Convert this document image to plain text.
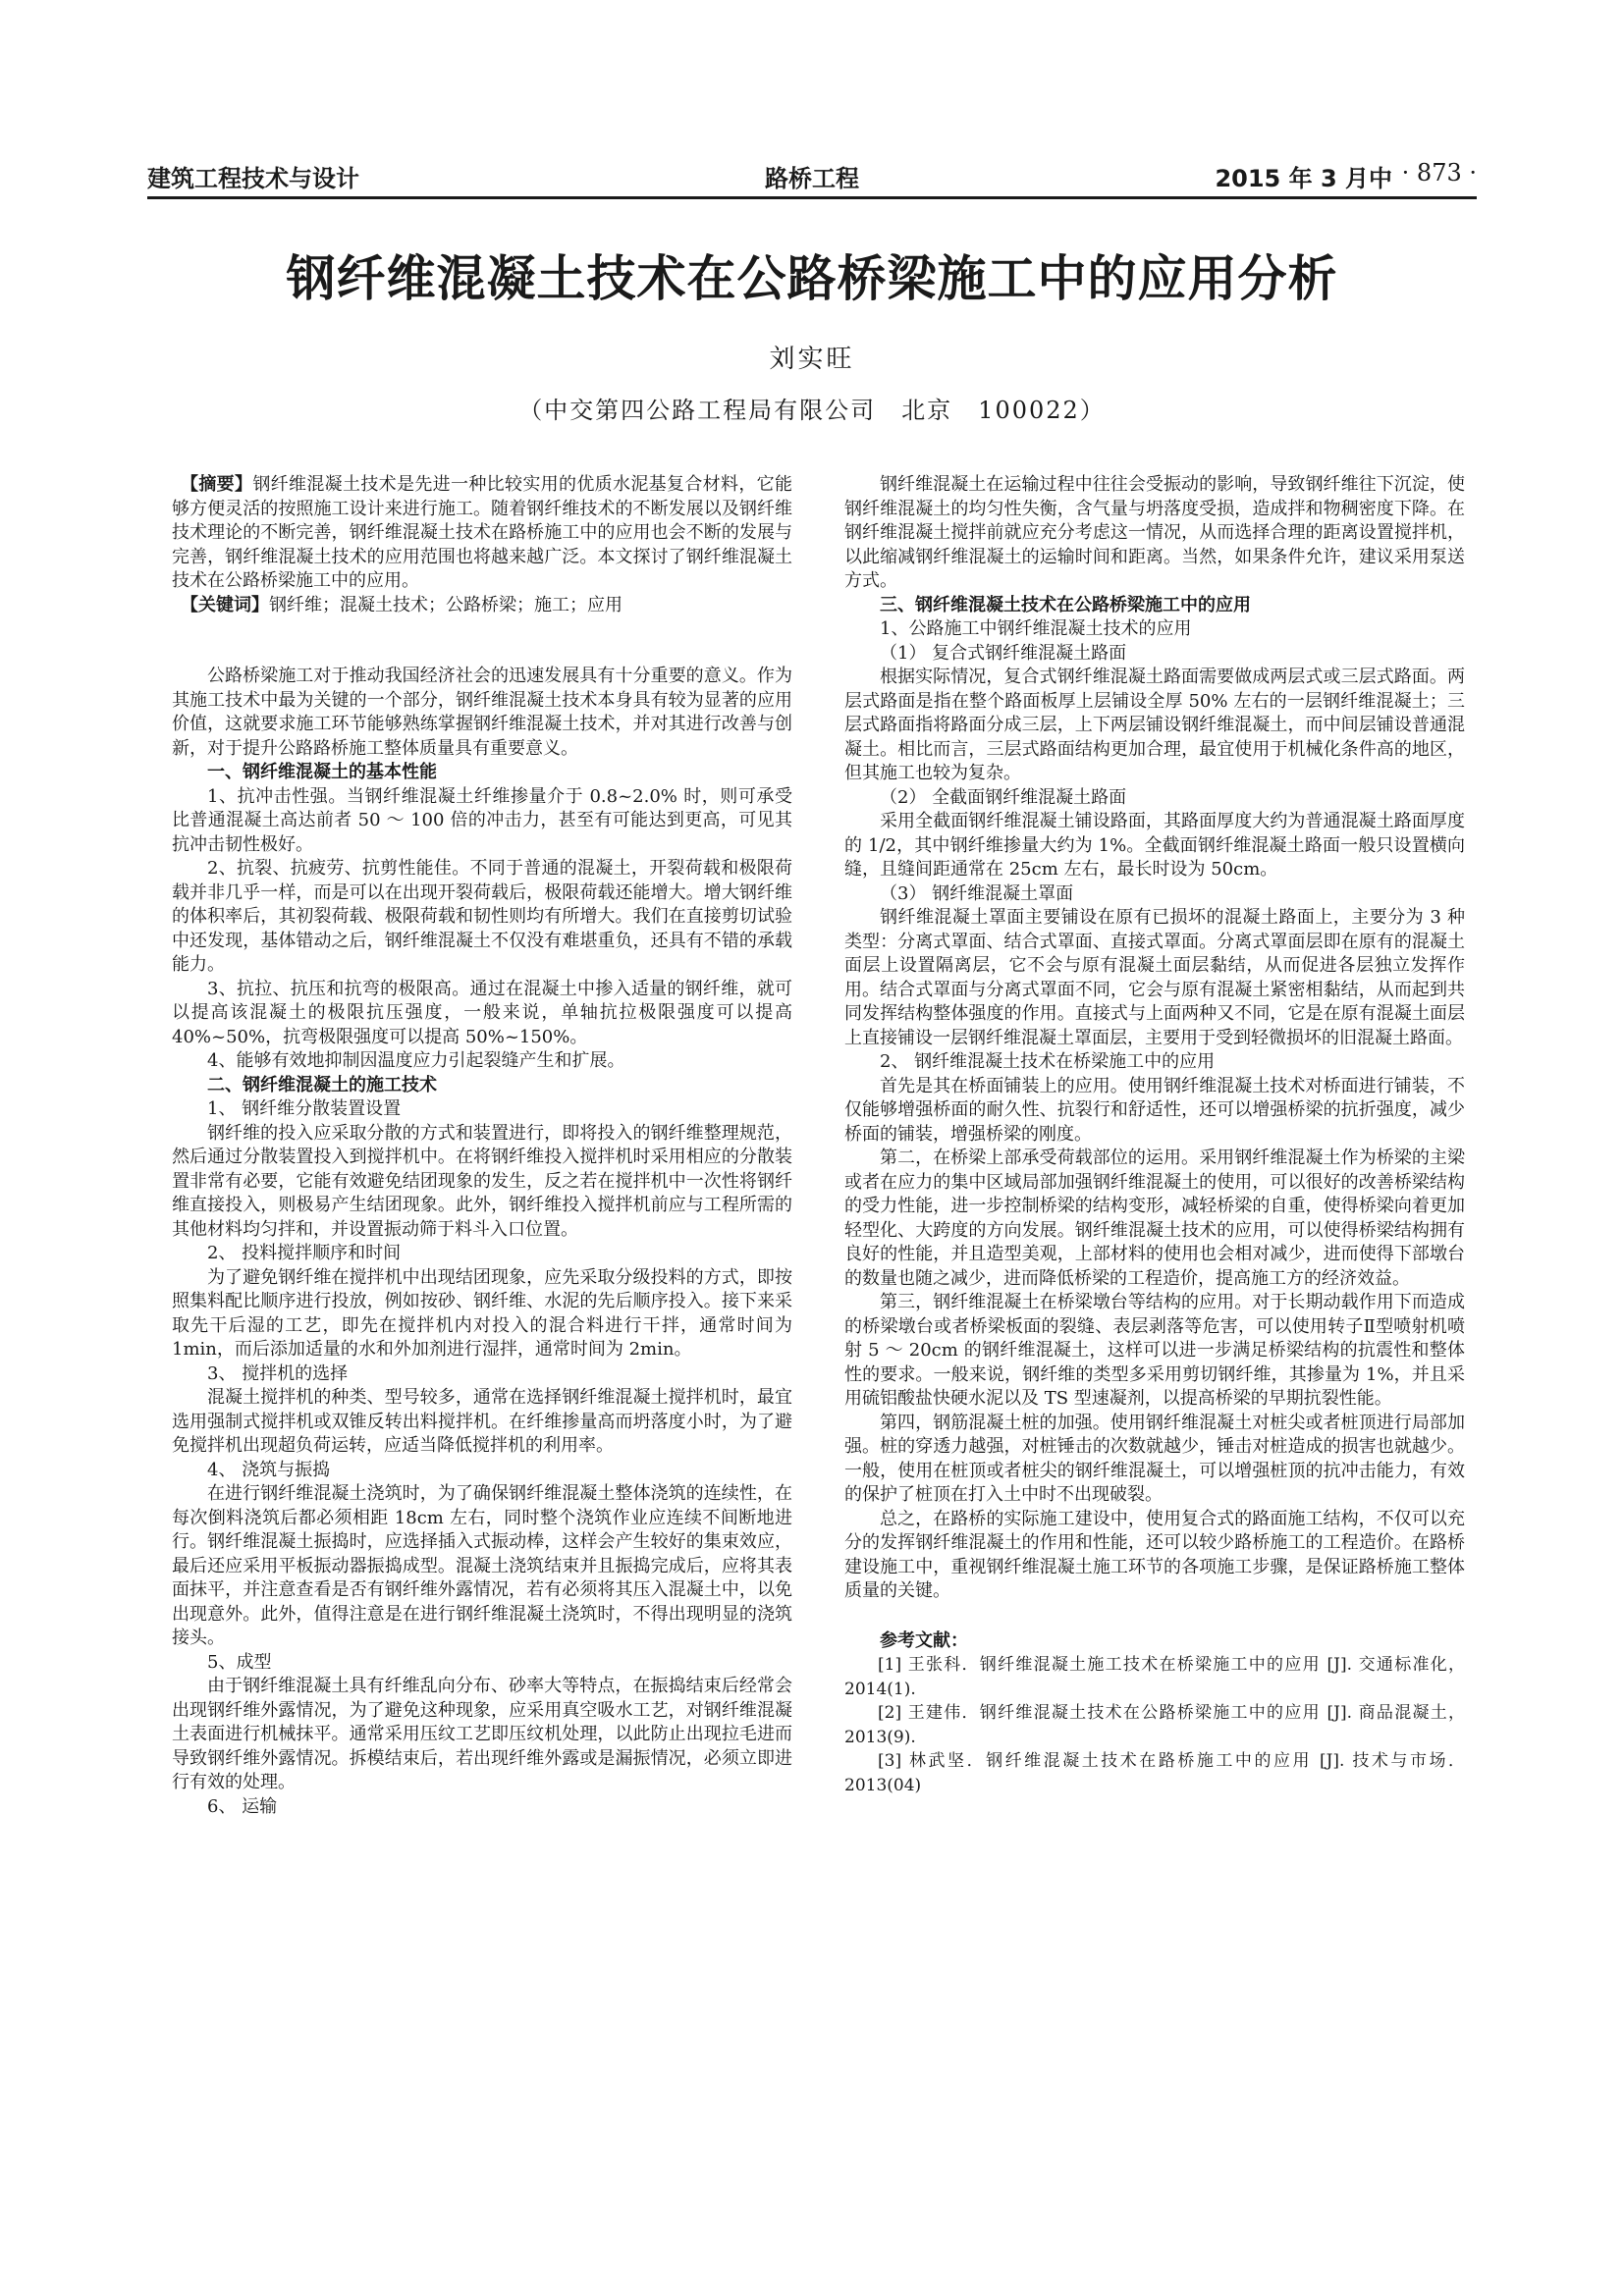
建筑工程技术与设计	路桥工程	2015 年 3 月中 · 873 ·
钢纤维混凝土技术在公路桥梁施工中的应用分析
刘实旺
（中交第四公路工程局有限公司　北京　100022）

【摘要】钢纤维混凝土技术是先进一种比较实用的优质水泥基复合材料，它能够方便灵活的按照施工设计来进行施工。随着钢纤维技术的不断发展以及钢纤维技术理论的不断完善，钢纤维混凝土技术在路桥施工中的应用也会不断的发展与完善，钢纤维混凝土技术的应用范围也将越来越广泛。本文探讨了钢纤维混凝土技术在公路桥梁施工中的应用。

【关键词】钢纤维；混凝土技术；公路桥梁；施工；应用

公路桥梁施工对于推动我国经济社会的迅速发展具有十分重要的意义。作为其施工技术中最为关键的一个部分，钢纤维混凝土技术本身具有较为显著的应用价值，这就要求施工环节能够熟练掌握钢纤维混凝土技术，并对其进行改善与创新，对于提升公路路桥施工整体质量具有重要意义。

一、钢纤维混凝土的基本性能

1、抗冲击性强。当钢纤维混凝土纤维掺量介于 0.8~2.0% 时，则可承受比普通混凝土高达前者 50 ～ 100 倍的冲击力，甚至有可能达到更高，可见其抗冲击韧性极好。

2、抗裂、抗疲劳、抗剪性能佳。不同于普通的混凝土，开裂荷载和极限荷载并非几乎一样，而是可以在出现开裂荷载后，极限荷载还能增大。增大钢纤维的体积率后，其初裂荷载、极限荷载和韧性则均有所增大。我们在直接剪切试验中还发现，基体错动之后，钢纤维混凝土不仅没有难堪重负，还具有不错的承载能力。

3、抗拉、抗压和抗弯的极限高。通过在混凝土中掺入适量的钢纤维，就可以提高该混凝土的极限抗压强度，一般来说，单轴抗拉极限强度可以提高 40%~50%，抗弯极限强度可以提高 50%~150%。

4、能够有效地抑制因温度应力引起裂缝产生和扩展。

二、钢纤维混凝土的施工技术

1、 钢纤维分散装置设置

钢纤维的投入应采取分散的方式和装置进行，即将投入的钢纤维整理规范，然后通过分散装置投入到搅拌机中。在将钢纤维投入搅拌机时采用相应的分散装置非常有必要，它能有效避免结团现象的发生，反之若在搅拌机中一次性将钢纤维直接投入，则极易产生结团现象。此外，钢纤维投入搅拌机前应与工程所需的其他材料均匀拌和，并设置振动筛于料斗入口位置。

2、 投料搅拌顺序和时间

为了避免钢纤维在搅拌机中出现结团现象，应先采取分级投料的方式，即按照集料配比顺序进行投放，例如按砂、钢纤维、水泥的先后顺序投入。接下来采取先干后湿的工艺，即先在搅拌机内对投入的混合料进行干拌，通常时间为 1min，而后添加适量的水和外加剂进行湿拌，通常时间为 2min。

3、 搅拌机的选择

混凝土搅拌机的种类、型号较多，通常在选择钢纤维混凝土搅拌机时，最宜选用强制式搅拌机或双锥反转出料搅拌机。在纤维掺量高而坍落度小时，为了避免搅拌机出现超负荷运转，应适当降低搅拌机的利用率。

4、 浇筑与振捣

在进行钢纤维混凝土浇筑时，为了确保钢纤维混凝土整体浇筑的连续性，在每次倒料浇筑后都必须相距 18cm 左右，同时整个浇筑作业应连续不间断地进行。钢纤维混凝土振捣时，应选择插入式振动棒，这样会产生较好的集束效应，最后还应采用平板振动器振捣成型。混凝土浇筑结束并且振捣完成后，应将其表面抹平，并注意查看是否有钢纤维外露情况，若有必须将其压入混凝土中，以免出现意外。此外，值得注意是在进行钢纤维混凝土浇筑时，不得出现明显的浇筑接头。

5、成型

由于钢纤维混凝土具有纤维乱向分布、砂率大等特点，在振捣结束后经常会出现钢纤维外露情况，为了避免这种现象，应采用真空吸水工艺，对钢纤维混凝土表面进行机械抹平。通常采用压纹工艺即压纹机处理，以此防止出现拉毛进而导致钢纤维外露情况。拆模结束后，若出现纤维外露或是漏振情况，必须立即进行有效的处理。

6、 运输

钢纤维混凝土在运输过程中往往会受振动的影响，导致钢纤维往下沉淀，使钢纤维混凝土的均匀性失衡，含气量与坍落度受损，造成拌和物稠密度下降。在钢纤维混凝土搅拌前就应充分考虑这一情况，从而选择合理的距离设置搅拌机，以此缩减钢纤维混凝土的运输时间和距离。当然，如果条件允许，建议采用泵送方式。

三、钢纤维混凝土技术在公路桥梁施工中的应用

1、公路施工中钢纤维混凝土技术的应用

（1） 复合式钢纤维混凝土路面

根据实际情况，复合式钢纤维混凝土路面需要做成两层式或三层式路面。两层式路面是指在整个路面板厚上层铺设全厚 50% 左右的一层钢纤维混凝土；三层式路面指将路面分成三层，上下两层铺设钢纤维混凝土，而中间层铺设普通混凝土。相比而言，三层式路面结构更加合理，最宜使用于机械化条件高的地区，但其施工也较为复杂。

（2） 全截面钢纤维混凝土路面

采用全截面钢纤维混凝土铺设路面，其路面厚度大约为普通混凝土路面厚度的 1/2，其中钢纤维掺量大约为 1%。全截面钢纤维混凝土路面一般只设置横向缝，且缝间距通常在 25cm 左右，最长时设为 50cm。

（3） 钢纤维混凝土罩面

钢纤维混凝土罩面主要铺设在原有已损坏的混凝土路面上，主要分为 3 种类型：分离式罩面、结合式罩面、直接式罩面。分离式罩面层即在原有的混凝土面层上设置隔离层，它不会与原有混凝土面层黏结，从而促进各层独立发挥作用。结合式罩面与分离式罩面不同，它会与原有混凝土紧密相黏结，从而起到共同发挥结构整体强度的作用。直接式与上面两种又不同，它是在原有混凝土面层上直接铺设一层钢纤维混凝土罩面层，主要用于受到轻微损坏的旧混凝土路面。

2、 钢纤维混凝土技术在桥梁施工中的应用

首先是其在桥面铺装上的应用。使用钢纤维混凝土技术对桥面进行铺装，不仅能够增强桥面的耐久性、抗裂行和舒适性，还可以增强桥梁的抗折强度，减少桥面的铺装，增强桥梁的刚度。

第二，在桥梁上部承受荷载部位的运用。采用钢纤维混凝土作为桥梁的主梁或者在应力的集中区域局部加强钢纤维混凝土的使用，可以很好的改善桥梁结构的受力性能，进一步控制桥梁的结构变形，减轻桥梁的自重，使得桥梁向着更加轻型化、大跨度的方向发展。钢纤维混凝土技术的应用，可以使得桥梁结构拥有良好的性能，并且造型美观，上部材料的使用也会相对减少，进而使得下部墩台的数量也随之减少，进而降低桥梁的工程造价，提高施工方的经济效益。

第三，钢纤维混凝土在桥梁墩台等结构的应用。对于长期动载作用下而造成的桥梁墩台或者桥梁板面的裂缝、表层剥落等危害，可以使用转子Ⅱ型喷射机喷射 5 ～ 20cm 的钢纤维混凝土，这样可以进一步满足桥梁结构的抗震性和整体性的要求。一般来说，钢纤维的类型多采用剪切钢纤维，其掺量为 1%，并且采用硫铝酸盐快硬水泥以及 TS 型速凝剂，以提高桥梁的早期抗裂性能。

第四，钢筋混凝土桩的加强。使用钢纤维混凝土对桩尖或者桩顶进行局部加强。桩的穿透力越强，对桩锤击的次数就越少，锤击对桩造成的损害也就越少。一般，使用在桩顶或者桩尖的钢纤维混凝土，可以增强桩顶的抗冲击能力，有效的保护了桩顶在打入土中时不出现破裂。

总之，在路桥的实际施工建设中，使用复合式的路面施工结构，不仅可以充分的发挥钢纤维混凝土的作用和性能，还可以较少路桥施工的工程造价。在路桥建设施工中，重视钢纤维混凝土施工环节的各项施工步骤，是保证路桥施工整体质量的关键。

参考文献：

[1] 王张科．钢纤维混凝土施工技术在桥梁施工中的应用 [J]. 交通标准化，2014(1).

[2] 王建伟．钢纤维混凝土技术在公路桥梁施工中的应用 [J]. 商品混凝土，2013(9).

[3] 林武坚．钢纤维混凝土技术在路桥施工中的应用 [J]. 技术与市场．2013(04)
